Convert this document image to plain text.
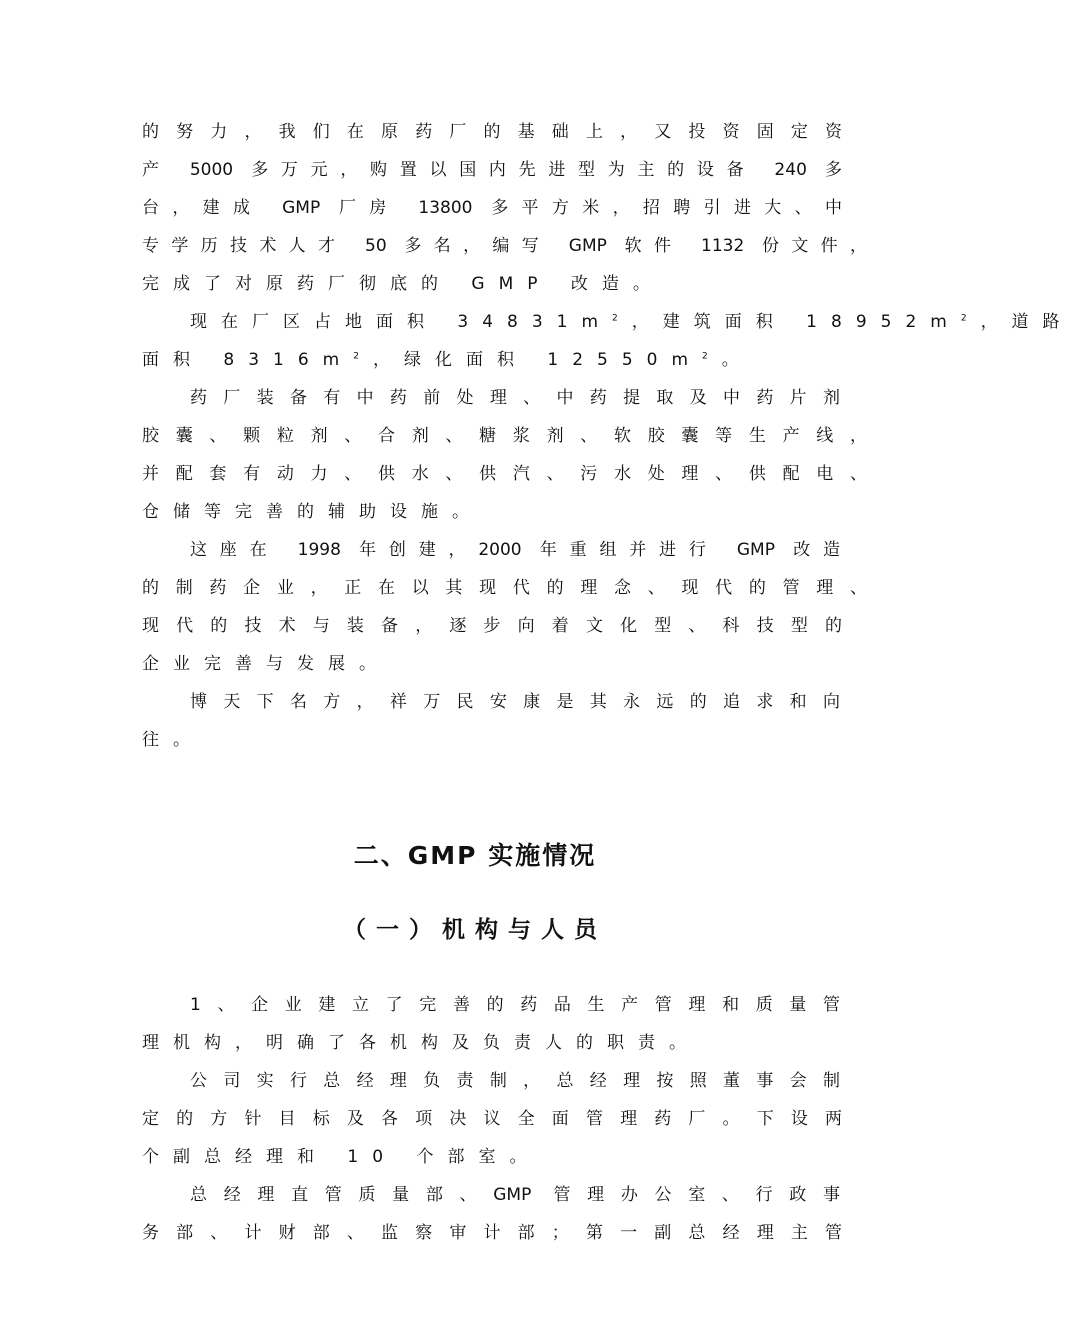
的努力，我们在原药厂的基础上，又投资固定资
产 5000 多万元，购置以国内先进型为主的设备 240 多
台，建成 GMP 厂房 13800 多平方米，招聘引进大、中
专学历技术人才 50 多名，编写 GMP 软件 1132 份文件，
完成了对原药厂彻底的 GMP 改造。
现在厂区占地面积 $34831m^2$ ，建筑面积 $18952m^2$ ，道路
面积 $8316m^2$，绿化面积 $12550m^2$。
药厂装备有中药前处理、中药提取及中药片剂
胶囊、颗粒剂、合剂、糖浆剂、软胶囊等生产线，
并配套有动力、供水、供汽、污水处理、供配电、
仓储等完善的辅助设施。
这座在 1998 年创建，2000 年重组并进行 GMP 改造
的制药企业，正在以其现代的理念、现代的管理、
现代的技术与装备，逐步向着文化型、科技型的
企业完善与发展。
博天下名方，祥万民安康是其永远的追求和向
往。
二、GMP 实施情况
（一）机构与人员
1、企业建立了完善的药品生产管理和质量管
理机构，明确了各机构及负责人的职责。
公司实行总经理负责制，总经理按照董事会制
定的方针目标及各项决议全面管理药厂。下设两
个副总经理和 10 个部室。
总经理直管质量部、GMP 管理办公室、行政事
务部、计财部、监察审计部；第一副总经理主管
